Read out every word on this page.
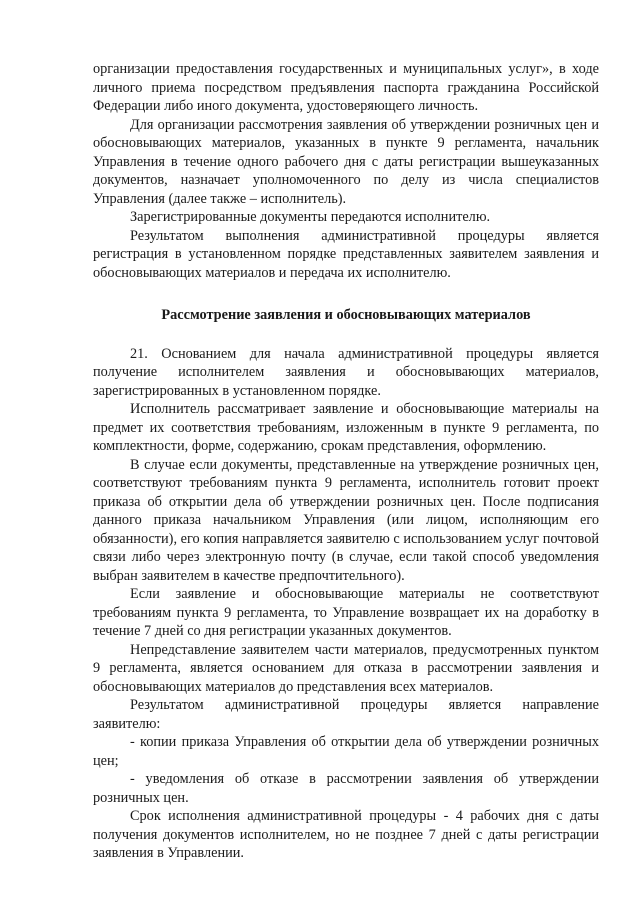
организации предоставления государственных и муниципальных услуг», в ходе личного приема посредством предъявления паспорта гражданина Российской Федерации либо иного документа, удостоверяющего личность.

Для организации рассмотрения заявления об утверждении розничных цен и обосновывающих материалов, указанных в пункте 9 регламента, начальник Управления в течение одного рабочего дня с даты регистрации вышеуказанных документов, назначает уполномоченного по делу из числа специалистов Управления (далее также – исполнитель).

Зарегистрированные документы передаются исполнителю.

Результатом выполнения административной процедуры является регистрация в установленном порядке представленных заявителем заявления и обосновывающих материалов и передача их исполнителю.

Рассмотрение заявления и обосновывающих материалов

21. Основанием для начала административной процедуры является получение исполнителем заявления и обосновывающих материалов, зарегистрированных в установленном порядке.

Исполнитель рассматривает заявление и обосновывающие материалы на предмет их соответствия требованиям, изложенным в пункте 9 регламента, по комплектности, форме, содержанию, срокам представления, оформлению.

В случае если документы, представленные на утверждение розничных цен, соответствуют требованиям пункта 9 регламента, исполнитель готовит проект приказа об открытии дела об утверждении розничных цен. После подписания данного приказа начальником Управления (или лицом, исполняющим его обязанности), его копия направляется заявителю с использованием услуг почтовой связи либо через электронную почту (в случае, если такой способ уведомления выбран заявителем в качестве предпочтительного).

Если заявление и обосновывающие материалы не соответствуют требованиям пункта 9 регламента, то Управление возвращает их на доработку в течение 7 дней со дня регистрации указанных документов.

Непредставление заявителем части материалов, предусмотренных пунктом 9 регламента, является основанием для отказа в рассмотрении заявления и обосновывающих материалов до представления всех материалов.

Результатом административной процедуры является направление заявителю:

- копии приказа Управления об открытии дела об утверждении розничных цен;

- уведомления об отказе в рассмотрении заявления об утверждении розничных цен.

Срок исполнения административной процедуры - 4 рабочих дня с даты получения документов исполнителем, но не позднее 7 дней с даты регистрации заявления в Управлении.
